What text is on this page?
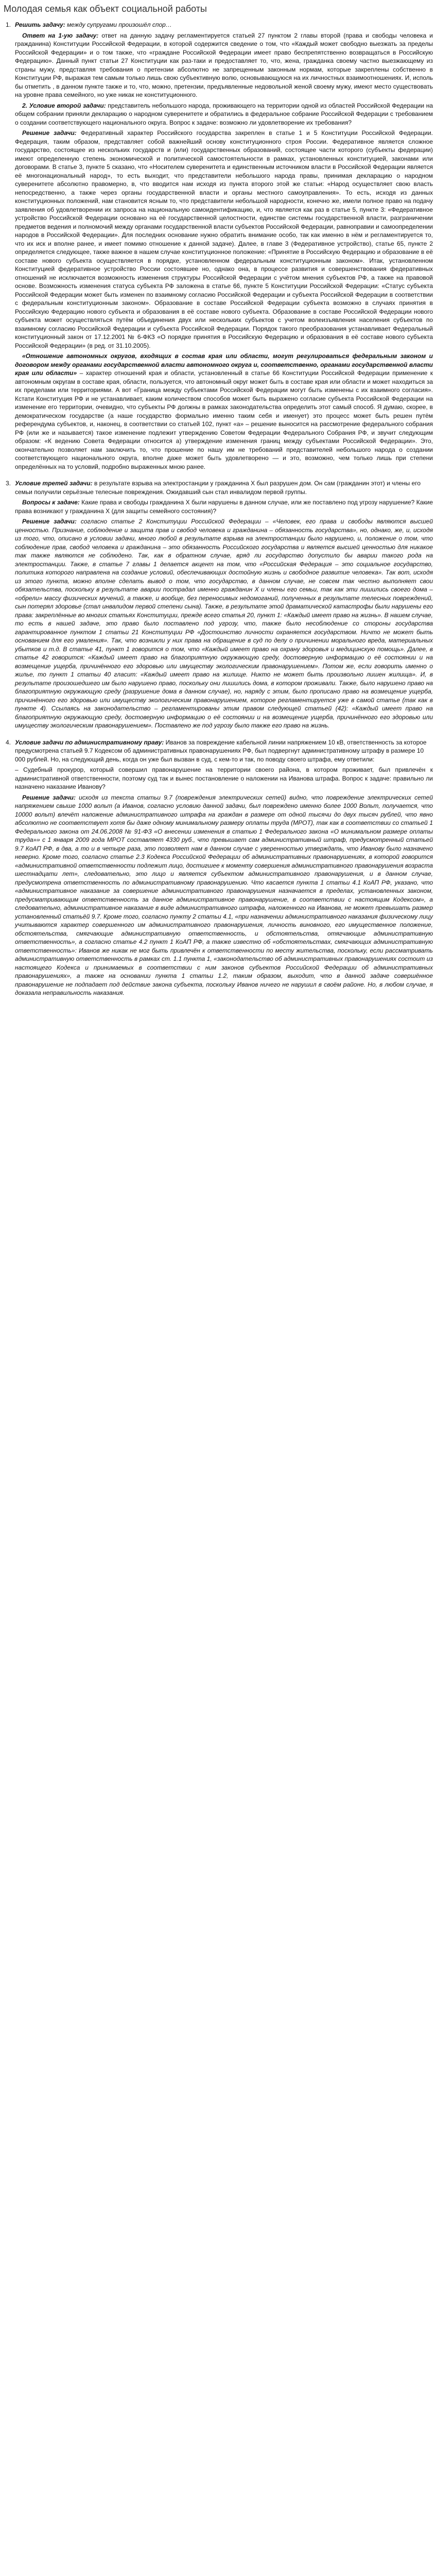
Молодая семья как объект социальной работы
1. Решить задачу: между супругами произошёл спор…

Ответ на 1-ую задачу: ответ на данную задачу регламентируется статьей 27 пунктом 2 главы второй (права и свободы человека и гражданина) Конституции Российской Федерации, в которой содержится сведение о том, что «Каждый может свободно выезжать за пределы Российской Федерации» и о том также, что «граждане Российской Федерации имеет право беспрепятственно возвращаться в Российскую Федерацию». Данный пункт статьи 27 Конституции как раз-таки и предоставляет то, что, жена, гражданка своему частно выезжающему из страны мужу, представляя требования о претензии абсолютно не запрещенным законным нормам, которые закреплены собственно в Конституции РФ, выражая тем самым только лишь свою субъективную волю, основывающуюся на их личностных взаимоотношениях. И, исполь бы отметить , в данном пункте также и то, что, можно, претензии, предъявленные недовольной женой своему мужу, имеют место существовать на уровне права семейного, но уже никак не конституционного.

2. Условие второй задачи: представитель небольшого народа, проживающего на территории одной из областей Российской Федерации на общем собрании приняли декларацию о народном суверенитете и обратились в федеральное собрание Российской Федерации с требованием о создании соответствующего национального округа. Вопрос к задаче: возможно ли удовлетворение их требования?

Решение задачи: Федеративный характер Российского государства закреплен в статье 1 и 5 Конституции Российской Федерации. Федерация, таким образом, представляет собой важнейший основу конституционного строя России. Федеративное является сложное государство, состоящее из нескольких государств и (или) государственных образований, состоящее части которого (субъекты федерации) имеют определенную степень экономической и политической самостоятельности в рамках, установленных конституцией, законами или договорами. В статье 3, пункте 5 сказано, что «Носителем суверенитета и единственным источником власти в Российской Федерации является её многонациональный народ», то есть выходит, что представители небольшого народа правы, принимая декларацию о народном суверенитете абсолютно правомерно, в, что вводится нам исходя из пункта второго этой же статьи: «Народ осуществляет свою власть непосредственно, а также через органы государственной власти и органы местного самоуправления». То есть, исходя из данных конституционных положений, нам становится ясным то, что представители небольшой народности, конечно же, имели полное право на подачу заявления об удовлетворении их запроса на национальную самоидентификацию, и, что является как раз в статье 5, пункте 3: «Федеративное устройство Российской Федерации основано на её государственной целостности, единстве системы государственной власти, разграничении предметов ведения и полномочий между органами государственной власти субъектов Российской Федерации, равноправии и самоопределении народов в Российской Федерации». Для последних основание нужно обратить внимание особо, так как именно в нём и регламентируется то, что их иск и вполне ранее, и имеет помимо отношение к данной задаче). Далее, в главе 3 (Федеративное устройство), статье 65, пункте 2 определяется следующее, также важное в нашем случае конституционное положение: «Принятие в Российскую Федерацию и образование в её составе нового субъекта осуществляется в порядке, установленном федеральным конституционным законом». Итак, установленном Конституцией федеративное устройство России состоявшее но, однако она, в процессе развития и совершенствования федеративных отношений не исключается возможность изменения структуры Российской Федерации с учётом мнения субъектов РФ, а также на правовой основе. Возможность изменения статуса субъекта РФ заложена в статье 66, пункте 5 Конституции Российской Федерации: «Статус субъекта Российской Федерации может быть изменен по взаимному согласию Российской Федерации и субъекта Российской Федерации в соответствии с федеральным конституционным законом». Образование в составе Российской Федерации субъекта возможно в случаях принятия в Российскую Федерацию нового субъекта и образования в её составе нового субъекта. Образование в составе Российской Федерации нового субъекта может осуществляться путём объединения двух или нескольких субъектов с учетом волеизъявления населения субъектов по взаимному согласию Российской Федерации и субъекта Российской Федерации. Порядок такого преобразования устанавливает Федеральный конституционный закон от 17.12.2001 № 6-ФКЗ «О порядке принятия в Российскую Федерацию и образования в её составе нового субъекта Российской Федерации» (в ред. от 31.10.2005).

«Отношение автономных округов, входящих в состав края или области, могут регулироваться федеральным законом и договором между органами государственной власти автономного округа и, соответственно, органами государственной власти края или области» – характер отношений края и области, установленный в статье 66 Конституции Российской Федерации применение к автономным округам в составе края, области, пользуется, что автономный округ может быть в составе края или области и может находиться за их пределами или территориями. А вот «Граница между субъектами Российской Федерации могут быть изменены с их взаимного согласия». Кстати Конституция РФ и не устанавливает, каким количеством способов может быть выражено согласие субъекта Российской Федерации на изменение его территории, очевидно, что субъекты РФ должны в рамках законодательства определить этот самый способ. Я думаю, скорее, в демократическом государстве (а наше государство формально именно таким себя и именует) это процесс может быть решен путём референдума субъектов, и, наконец, в соответствии со статьей 102, пункт «а» – решение выносится на рассмотрение федерального собрания РФ (или же и называется) такое изменение подлежит утверждению Советом Федерации Федерального Собрания РФ, и звучит следующим образом: «К ведению Совета Федерации относится а) утверждение изменения границ между субъектами Российской Федерации». Это, окончательно позволяет нам заключить то, что прошение по нашу им не требований представителей небольшого народа о создании соответствующего национального округа, вполне даже может быть удовлетворено — и это, возможно, чем только лишь при степени определённых на то условий, подробно выраженных мною ранее.

3. Условие третей задачи: в результате взрыва на электростанции у гражданина Х был разрушен дом. Он сам (гражданин этот) и члены его семьи получили серьёзные телесные повреждения. Ожидавший сын стал инвалидом первой группы.

Вопросы к задаче: Какие права и свободы гражданина Х были нарушены в данном случае, или же поставлено под угрозу нарушение? Какие права возникают у гражданина Х (для защиты семейного состояния)?

Решение задачи: согласно статье 2 Конституции Российской Федерации – «Человек, его права и свободы являются высшей ценностью. Признание, соблюдение и защита прав и свобод человека и гражданина – обязанность государства», но, однако, же, и, исходя из того, что, описано в условии задачи, много любой в результате взрыва на электростанции было нарушено, и, положение о том, что соблюдение прав, свобод человека и гражданина – это обязанность Российского государства и является высшей ценностью для никакое так также являются не соблюдено. Так, как в обратном случае, вряд ли государство допустило бы аварии такого рода на электростанции. Также, в статье 7 главы 1 делается акцент на том, что «Российская Федерация – это социальное государство, политика которого направлена на создание условий, обеспечивающих достойную жизнь и свободное развитие человека». Так вот, исходя из этого пункта, можно вполне сделать вывод о том, что государство, в данном случае, не совсем так честно выполняет свои обязательства, поскольку в результате аварии пострадал именно гражданин Х и члены его семьи, так как эти лишились своего дома – «обрели» массу физических мучений, а также, и вообще, без переносимых недомоганий, полученных в результате телесных повреждений, сын потерял здоровье (стал инвалидом первой степени сына). Также, в результате этой драматической катастрофы были нарушены его права: закреплённые во многих статьях Конституции, прежде всего статья 20, пункт 1: «Каждый имеет право на жизнь». В нашем случае, то есть в нашей задаче, это право было поставлено под угрозу, что, также было несоблюдение со стороны государства гарантированное пунктом 1 статьи 21 Конституции РФ «Достоинство личности охраняется государством. Ничто не может быть основанием для его умаления». Так, что возникли у них права на обращение в суд по делу о причинении морального вреда, материальных убытков и т.д. В статье 41, пункт 1 говорится о том, что «Каждый имеет право на охрану здоровья и медицинскую помощь». Далее, в статье 42 говорится: «Каждый имеет право на благоприятную окружающую среду, достоверную информацию о её состоянии и на возмещение ущерба, причинённого его здоровью или имуществу экологическим правонарушением». Потом же, если говорить именно о жилье, то пункт 1 статьи 40 гласит: «Каждый имеет право на жилище. Никто не может быть произвольно лишен жилища». И, в результате произошедшего им было нарушено право, поскольку они лишились дома, в котором проживали. Также, было нарушено право на благоприятную окружающую среду (разрушение дома в данном случае), но, наряду с этим, было прописано право на возмещение ущерба, причинённого его здоровью или имуществу экологическим правонарушением, которое регламентируется уже в самой статье (так как в пункте 4). Ссылаясь на законодательство – регламентированы этим правом следующей статьей (42): «Каждый имеет право на благоприятную окружающую среду, достоверную информацию о её состоянии и на возмещение ущерба, причинённого его здоровью или имуществу экологическим правонарушением». Поставлено же под угрозу было также его право на жизнь.

4. Условие задачи по административному праву: Иванов за повреждение кабельной линии напряжением 10 кВ, ответственность за которое предусмотрена статьей 9.7 Кодексом об административных правонарушениях РФ, был подвергнут административному штрафу в размере 10 000 рублей. Но, на следующий день, когда он уже был вызван в суд, с кем-то и так, по поводу своего штрафа, ему ответили:

– Судебный прокурор, который совершил правонарушение на территории своего района, в котором проживает, был привлечён к административной ответственности, поэтому суд так и вынес постановление о наложении на Иванова штрафа. Вопрос к задаче: правильно ли назначено наказание Иванову?

Решение задачи: исходя из текста статьи 9.7 (повреждения электрических сетей) видно, что повреждение электрических сетей напряжением свыше 1000 вольт (а Иванов, согласно условию данной задачи, был повреждено именно более 1000 Вольт, получается, что 10000 вольт) влечёт наложение административного штрафа на граждан в размере от одной тысячи до двух тысяч рублей, что явно абсолютно не соответствует хотя бы даже одному минимальному размеру оплаты труда (МРОТ), так как в соответствии со статьей 1 Федерального закона от 24.06.2008 № 91-ФЗ «О внесении изменения в статью 1 Федерального закона «О минимальном размере оплаты труда»» с 1 января 2009 года МРОТ составляет 4330 руб., что превышает сам административный штраф, предусмотренный статьей 9.7 КоАП РФ, в два, а то и в четыре раза, это позволяет нам в данном случае с уверенностью утверждать, что Иванову было назначено неверно. Кроме того, согласно статье 2.3 Кодекса Российской Федерации об административных правонарушениях, в которой говорится «административной ответственности подлежит лицо, достигшее к моменту совершения административного правонарушения возраста шестнадцати лет», следовательно, это лицо и является субъектом административного правонарушения, и в данном случае, предусмотрена ответственность по административному правонарушению. Что касается пункта 1 статьи 4.1 КоАП РФ, указано, что «административное наказание за совершение административного правонарушения назначается в пределах, установленных законом, предусматривающим ответственность за данное административное правонарушение, в соответствии с настоящим Кодексом», а следовательно, административное наказание в виде административного штрафа, наложенного на Иванова, не может превышать размер установленный статьёй 9.7. Кроме того, согласно пункту 2 статьи 4.1, «при назначении административного наказания физическому лицу учитываются характер совершенного им административного правонарушения, личность виновного, его имущественное положение, обстоятельства, смягчающие административную ответственность, и обстоятельства, отягчающие административную ответственность», а согласно статье 4.2 пункт 1 КоАП РФ, а также известно об «обстоятельствах, смягчающих административную ответственность»: Иванов же никак не мог быть привлечён к ответственности по месту жительства, поскольку, если рассматривать административную ответственность в рамках ст. 1.1 пункта 1, «законодательство об административных правонарушениях состоит из настоящего Кодекса и принимаемых в соответствии с ним законов субъектов Российской Федерации об административных правонарушениях», а также на основании пункта 1 статьи 1.2, таким образом, выходит, что в данной задаче совершённое правонарушение не подпадает под действие закона субъекта, поскольку Иванов ничего не нарушил в своём районе. Но, в любом случае, я доказала неправильность наказания.
